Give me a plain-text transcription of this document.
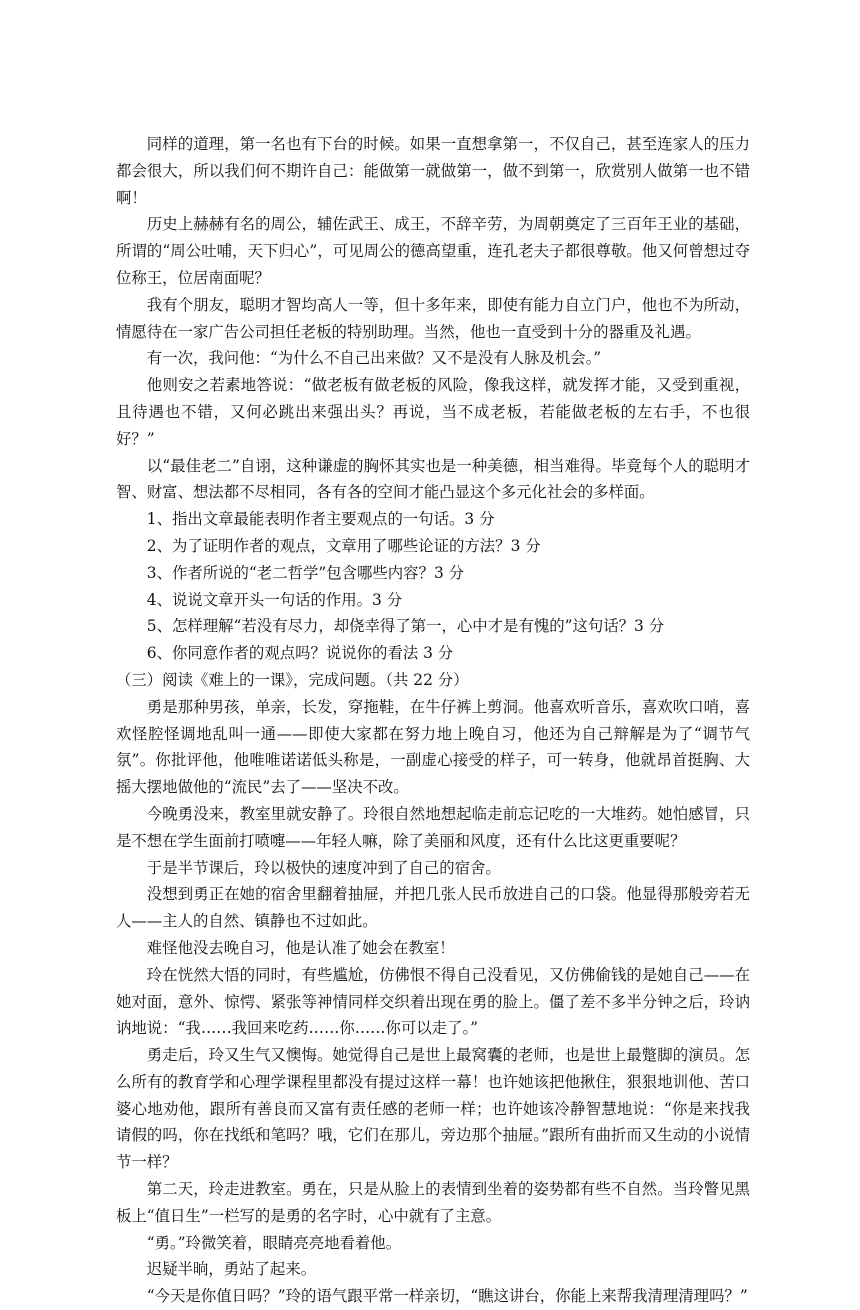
同样的道理，第一名也有下台的时候。如果一直想拿第一，不仅自己，甚至连家人的压力都会很大，所以我们何不期许自己：能做第一就做第一，做不到第一，欣赏别人做第一也不错啊！

历史上赫赫有名的周公，辅佐武王、成王，不辞辛劳，为周朝奠定了三百年王业的基础，所谓的“周公吐哺，天下归心”，可见周公的德高望重，连孔老夫子都很尊敬。他又何曾想过夺位称王，位居南面呢？

我有个朋友，聪明才智均高人一等，但十多年来，即使有能力自立门户，他也不为所动，情愿待在一家广告公司担任老板的特别助理。当然，他也一直受到十分的器重及礼遇。

有一次，我问他：“为什么不自己出来做？又不是没有人脉及机会。”

他则安之若素地答说：“做老板有做老板的风险，像我这样，就发挥才能，又受到重视，且待遇也不错，又何必跳出来强出头？再说，当不成老板，若能做老板的左右手，不也很好？”

以“最佳老二”自诩，这种谦虚的胸怀其实也是一种美德，相当难得。毕竟每个人的聪明才智、财富、想法都不尽相同，各有各的空间才能凸显这个多元化社会的多样面。

1、指出文章最能表明作者主要观点的一句话。3 分

2、为了证明作者的观点，文章用了哪些论证的方法？3 分

3、作者所说的“老二哲学”包含哪些内容？3 分

4、说说文章开头一句话的作用。3 分

5、怎样理解“若没有尽力，却侥幸得了第一，心中才是有愧的”这句话？3 分

6、你同意作者的观点吗？说说你的看法 3 分

（三）阅读《难上的一课》，完成问题。（共 22 分）

勇是那种男孩，单亲，长发，穿拖鞋，在牛仔裤上剪洞。他喜欢听音乐，喜欢吹口哨，喜欢怪腔怪调地乱叫一通——即使大家都在努力地上晚自习，他还为自己辩解是为了“调节气氛”。你批评他，他唯唯诺诺低头称是，一副虚心接受的样子，可一转身，他就昂首挺胸、大摇大摆地做他的“流民”去了——坚决不改。

今晚勇没来，教室里就安静了。玲很自然地想起临走前忘记吃的一大堆药。她怕感冒，只是不想在学生面前打喷嚏——年轻人嘛，除了美丽和风度，还有什么比这更重要呢？

于是半节课后，玲以极快的速度冲到了自己的宿舍。

没想到勇正在她的宿舍里翻着抽屉，并把几张人民币放进自己的口袋。他显得那般旁若无人——主人的自然、镇静也不过如此。

难怪他没去晚自习，他是认准了她会在教室！

玲在恍然大悟的同时，有些尴尬，仿佛恨不得自己没看见，又仿佛偷钱的是她自己——在她对面，意外、惊愕、紧张等神情同样交织着出现在勇的脸上。僵了差不多半分钟之后，玲讷讷地说：“我……我回来吃药……你……你可以走了。”

勇走后，玲又生气又懊悔。她觉得自己是世上最窝囊的老师，也是世上最蹩脚的演员。怎么所有的教育学和心理学课程里都没有提过这样一幕！也许她该把他揪住，狠狠地训他、苦口婆心地劝他，跟所有善良而又富有责任感的老师一样；也许她该冷静智慧地说：“你是来找我请假的吗，你在找纸和笔吗？哦，它们在那儿，旁边那个抽屉。”跟所有曲折而又生动的小说情节一样？

第二天，玲走进教室。勇在，只是从脸上的表情到坐着的姿势都有些不自然。当玲瞥见黑板上“值日生”一栏写的是勇的名字时，心中就有了主意。

“勇。”玲微笑着，眼睛亮亮地看着他。

迟疑半晌，勇站了起来。

“今天是你值日吗？”玲的语气跟平常一样亲切，“瞧这讲台，你能上来帮我清理清理吗？”
